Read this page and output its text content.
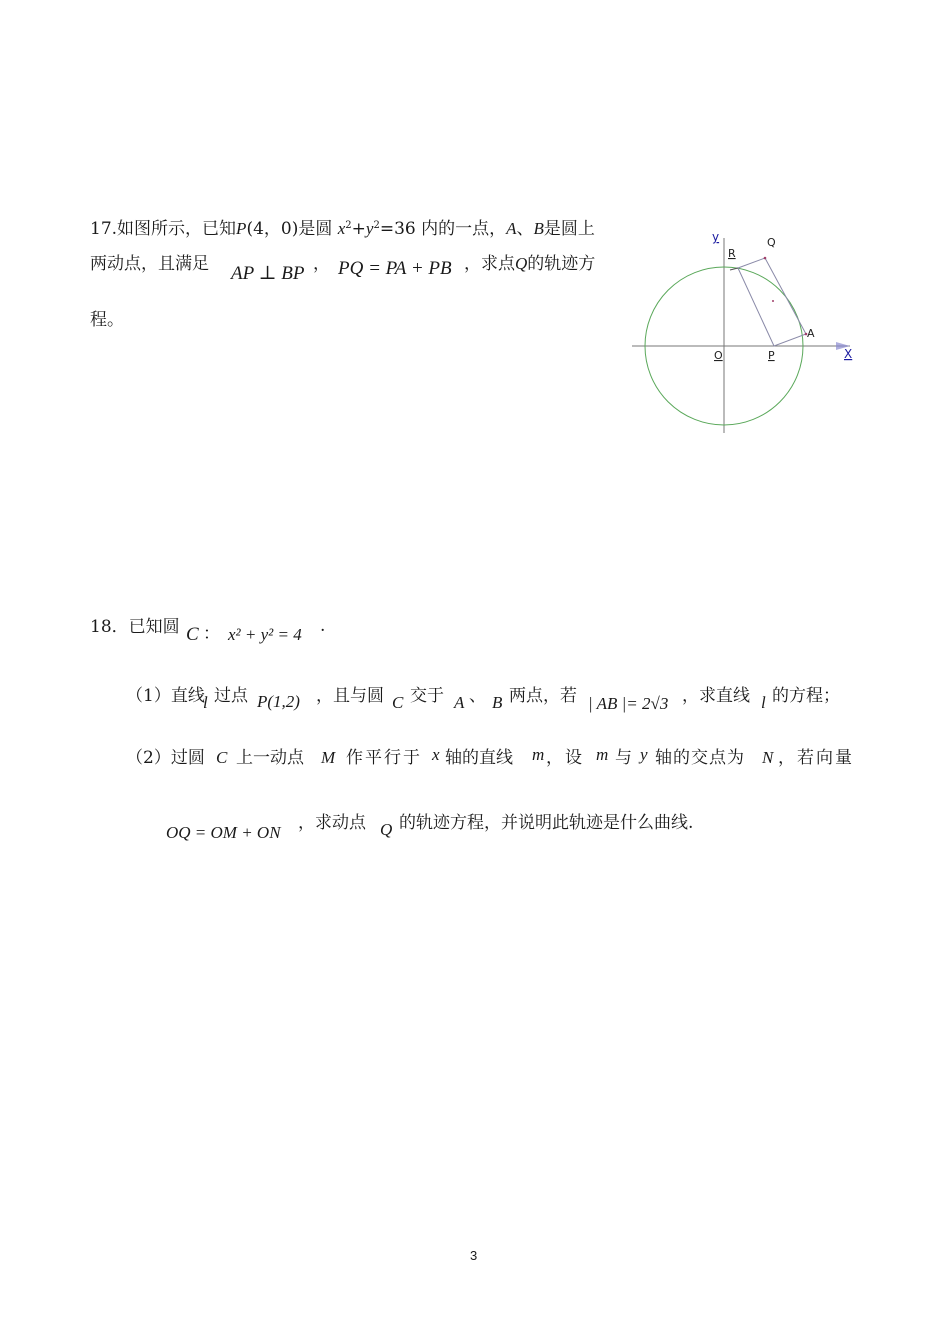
17.如图所示，已知P(4，0)是圆 $x^2+y^2=36$ 内的一点，A、B是圆上
两动点，且满足 AP ⊥ BP ， PQ = PA + PB ，求点Q的轨迹方
程。
y
R
Q
A
O	P	X
18．已知圆 C ： x² + y² = 4 .
（1）直线
l 过点 P(1,2) ，且与圆 C 交于 A 、 B 两点，若 | AB |= 2√3 ，求直线 l 的方程；
（2）过圆 C 上一动点 M 作平行于 x 轴的直线 m ，设 m 与 y 轴的交点为 N ，若向量
OQ = OM + ON ，求动点 Q 的轨迹方程，并说明此轨迹是什么曲线.
3
